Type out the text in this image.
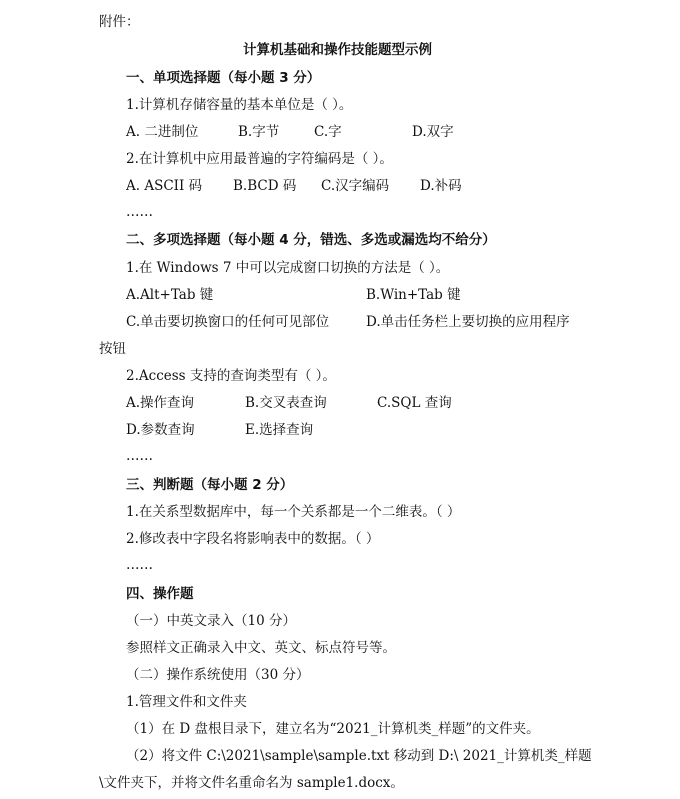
附件：
计算机基础和操作技能题型示例
一、单项选择题（每小题 3 分）
1.计算机存储容量的基本单位是（ ）。
A. 二进制位	B.字节	C.字	D.双字
2.在计算机中应用最普遍的字符编码是（ ）。
A. ASCII 码 B.BCD 码 C.汉字编码 D.补码
……
二、多项选择题（每小题 4 分，错选、多选或漏选均不给分）
1.在 Windows 7 中可以完成窗口切换的方法是（ ）。
A.Alt+Tab 键	B.Win+Tab 键
C.单击要切换窗口的任何可见部位	D.单击任务栏上要切换的应用程序
按钮
2.Access 支持的查询类型有（ ）。
A.操作查询	B.交叉表查询	C.SQL 查询
D.参数查询	E.选择查询
……
三、判断题（每小题 2 分）
1.在关系型数据库中，每一个关系都是一个二维表。（ ）
2.修改表中字段名将影响表中的数据。（ ）
……
四、操作题
（一）中英文录入（10 分）
参照样文正确录入中文、英文、标点符号等。
（二）操作系统使用（30 分）
1.管理文件和文件夹
（1）在 D 盘根目录下，建立名为“2021_计算机类_样题”的文件夹。
（2）将文件 C:\2021\sample\sample.txt 移动到 D:\ 2021_计算机类_样题
\文件夹下，并将文件名重命名为 sample1.docx。
